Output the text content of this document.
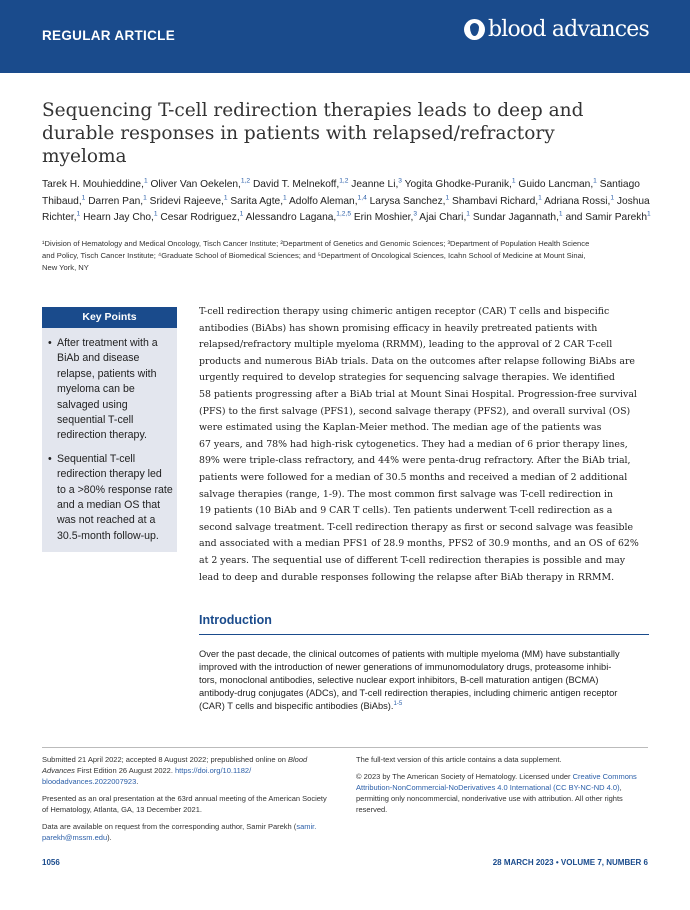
REGULAR ARTICLE	blood advances
Sequencing T-cell redirection therapies leads to deep and durable responses in patients with relapsed/refractory myeloma

Tarek H. Mouhieddine,$^1$ Oliver Van Oekelen,$^{1,2}$ David T. Melnekoff,$^{1,2}$ Jeanne Li,$^3$ Yogita Ghodke-Puranik,$^1$ Guido Lancman,$^1$ Santiago Thibaud,$^1$ Darren Pan,$^1$ Sridevi Rajeeve,$^1$ Sarita Agte,$^1$ Adolfo Aleman,$^{1,4}$ Larysa Sanchez,$^1$ Shambavi Richard,$^1$ Adriana Rossi,$^1$ Joshua Richter,$^1$ Hearn Jay Cho,$^1$ Cesar Rodriguez,$^1$ Alessandro Lagana,$^{1,2,5}$ Erin Moshier,$^3$ Ajai Chari,$^1$ Sundar Jagannath,$^1$ and Samir Parekh$^1$

¹Division of Hematology and Medical Oncology, Tisch Cancer Institute; ²Department of Genetics and Genomic Sciences; ³Department of Population Health Science
and Policy, Tisch Cancer Institute; ⁴Graduate School of Biomedical Sciences; and ⁵Department of Oncological Sciences, Icahn School of Medicine at Mount Sinai,
New York, NY

Key Points
• After treatment with a BiAb and disease relapse, patients with myeloma can be salvaged using sequential T-cell redirection therapy.
• Sequential T-cell redirection therapy led to a >80% response rate and a median OS that was not reached at a 30.5-month follow-up.

T-cell redirection therapy using chimeric antigen receptor (CAR) T cells and bispecific
antibodies (BiAbs) has shown promising efficacy in heavily pretreated patients with
relapsed/refractory multiple myeloma (RRMM), leading to the approval of 2 CAR T-cell
products and numerous BiAb trials. Data on the outcomes after relapse following BiAbs are
urgently required to develop strategies for sequencing salvage therapies. We identified
58 patients progressing after a BiAb trial at Mount Sinai Hospital. Progression-free survival
(PFS) to the first salvage (PFS1), second salvage therapy (PFS2), and overall survival (OS)
were estimated using the Kaplan-Meier method. The median age of the patients was
67 years, and 78% had high-risk cytogenetics. They had a median of 6 prior therapy lines,
89% were triple-class refractory, and 44% were penta-drug refractory. After the BiAb trial,
patients were followed for a median of 30.5 months and received a median of 2 additional
salvage therapies (range, 1-9). The most common first salvage was T-cell redirection in
19 patients (10 BiAb and 9 CAR T cells). Ten patients underwent T-cell redirection as a
second salvage treatment. T-cell redirection therapy as first or second salvage was feasible
and associated with a median PFS1 of 28.9 months, PFS2 of 30.9 months, and an OS of 62%
at 2 years. The sequential use of different T-cell redirection therapies is possible and may
lead to deep and durable responses following the relapse after BiAb therapy in RRMM.

Introduction

Over the past decade, the clinical outcomes of patients with multiple myeloma (MM) have substantially
improved with the introduction of newer generations of immunomodulatory drugs, proteasome inhibi-
tors, monoclonal antibodies, selective nuclear export inhibitors, B-cell maturation antigen (BCMA)
antibody-drug conjugates (ADCs), and T-cell redirection therapies, including chimeric antigen receptor
(CAR) T cells and bispecific antibodies (BiAbs).$^{1-5}$

Submitted 21 April 2022; accepted 8 August 2022; prepublished online on Blood
Advances First Edition 26 August 2022. https://doi.org/10.1182/
bloodadvances.2022007923.

Presented as an oral presentation at the 63rd annual meeting of the American Society
of Hematology, Atlanta, GA, 13 December 2021.

Data are available on request from the corresponding author, Samir Parekh (samir.
parekh@mssm.edu).

The full-text version of this article contains a data supplement.

© 2023 by The American Society of Hematology. Licensed under Creative Commons
Attribution-NonCommercial-NoDerivatives 4.0 International (CC BY-NC-ND 4.0),
permitting only noncommercial, nonderivative use with attribution. All other rights
reserved.

1056	28 MARCH 2023 • VOLUME 7, NUMBER 6
